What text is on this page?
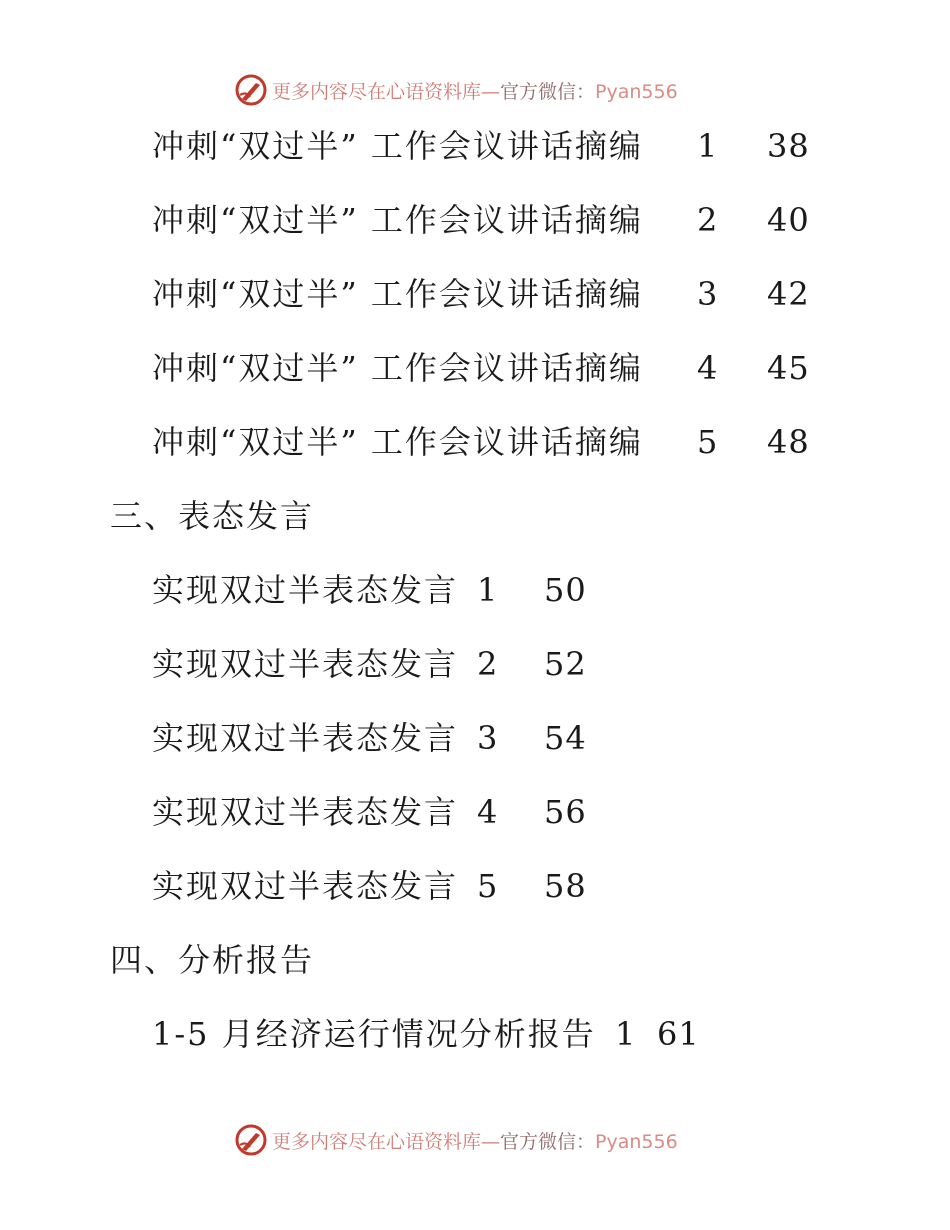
更多内容尽在心语资料库—官方微信：Pyan556
冲刺“双过半” 工作会议讲话摘编 1 38
冲刺“双过半” 工作会议讲话摘编 2 40
冲刺“双过半” 工作会议讲话摘编 3 42
冲刺“双过半” 工作会议讲话摘编 4 45
冲刺“双过半” 工作会议讲话摘编 5 48
三、表态发言
实现双过半表态发言 1 50
实现双过半表态发言 2 52
实现双过半表态发言 3 54
实现双过半表态发言 4 56
实现双过半表态发言 5 58
四、分析报告
1-5 月经济运行情况分析报告 1 61
更多内容尽在心语资料库—官方微信：Pyan556
